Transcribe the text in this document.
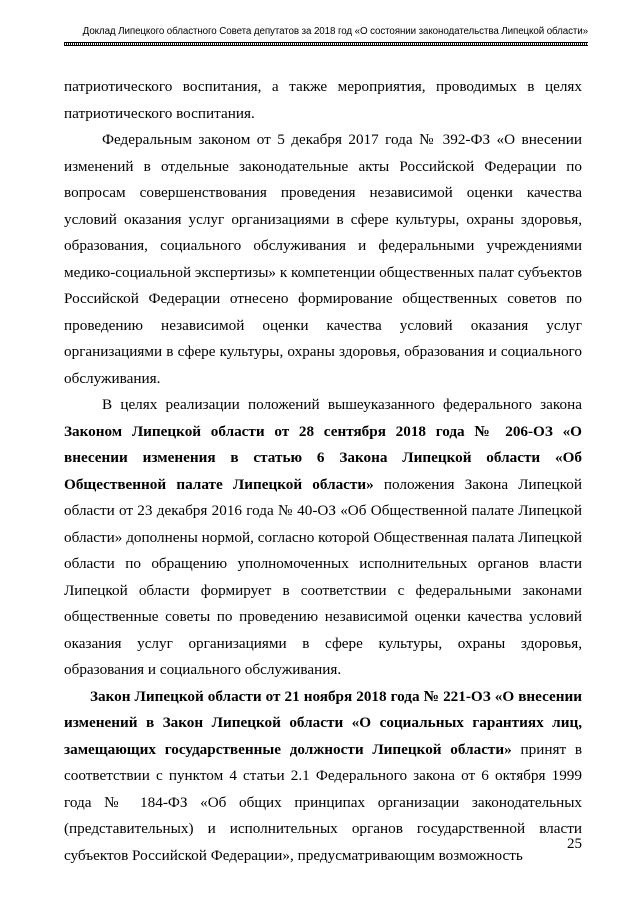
Доклад Липецкого областного Совета депутатов за 2018 год «О состоянии законодательства Липецкой области»

патриотического воспитания, а также мероприятия, проводимых в целях патриотического воспитания.

Федеральным законом от 5 декабря 2017 года № 392-ФЗ «О внесении изменений в отдельные законодательные акты Российской Федерации по вопросам совершенствования проведения независимой оценки качества условий оказания услуг организациями в сфере культуры, охраны здоровья, образования, социального обслуживания и федеральными учреждениями медико-социальной экспертизы» к компетенции общественных палат субъектов Российской Федерации отнесено формирование общественных советов по проведению независимой оценки качества условий оказания услуг организациями в сфере культуры, охраны здоровья, образования и социального обслуживания.

В целях реализации положений вышеуказанного федерального закона Законом Липецкой области от 28 сентября 2018 года № 206-ОЗ «О внесении изменения в статью 6 Закона Липецкой области «Об Общественной палате Липецкой области» положения Закона Липецкой области от 23 декабря 2016 года № 40-ОЗ «Об Общественной палате Липецкой области» дополнены нормой, согласно которой Общественная палата Липецкой области по обращению уполномоченных исполнительных органов власти Липецкой области формирует в соответствии с федеральными законами общественные советы по проведению независимой оценки качества условий оказания услуг организациями в сфере культуры, охраны здоровья, образования и социального обслуживания.

Закон Липецкой области от 21 ноября 2018 года № 221-ОЗ «О внесении изменений в Закон Липецкой области «О социальных гарантиях лиц, замещающих государственные должности Липецкой области» принят в соответствии с пунктом 4 статьи 2.1 Федерального закона от 6 октября 1999 года № 184-ФЗ «Об общих принципах организации законодательных (представительных) и исполнительных органов государственной власти субъектов Российской Федерации», предусматривающим возможность

25
